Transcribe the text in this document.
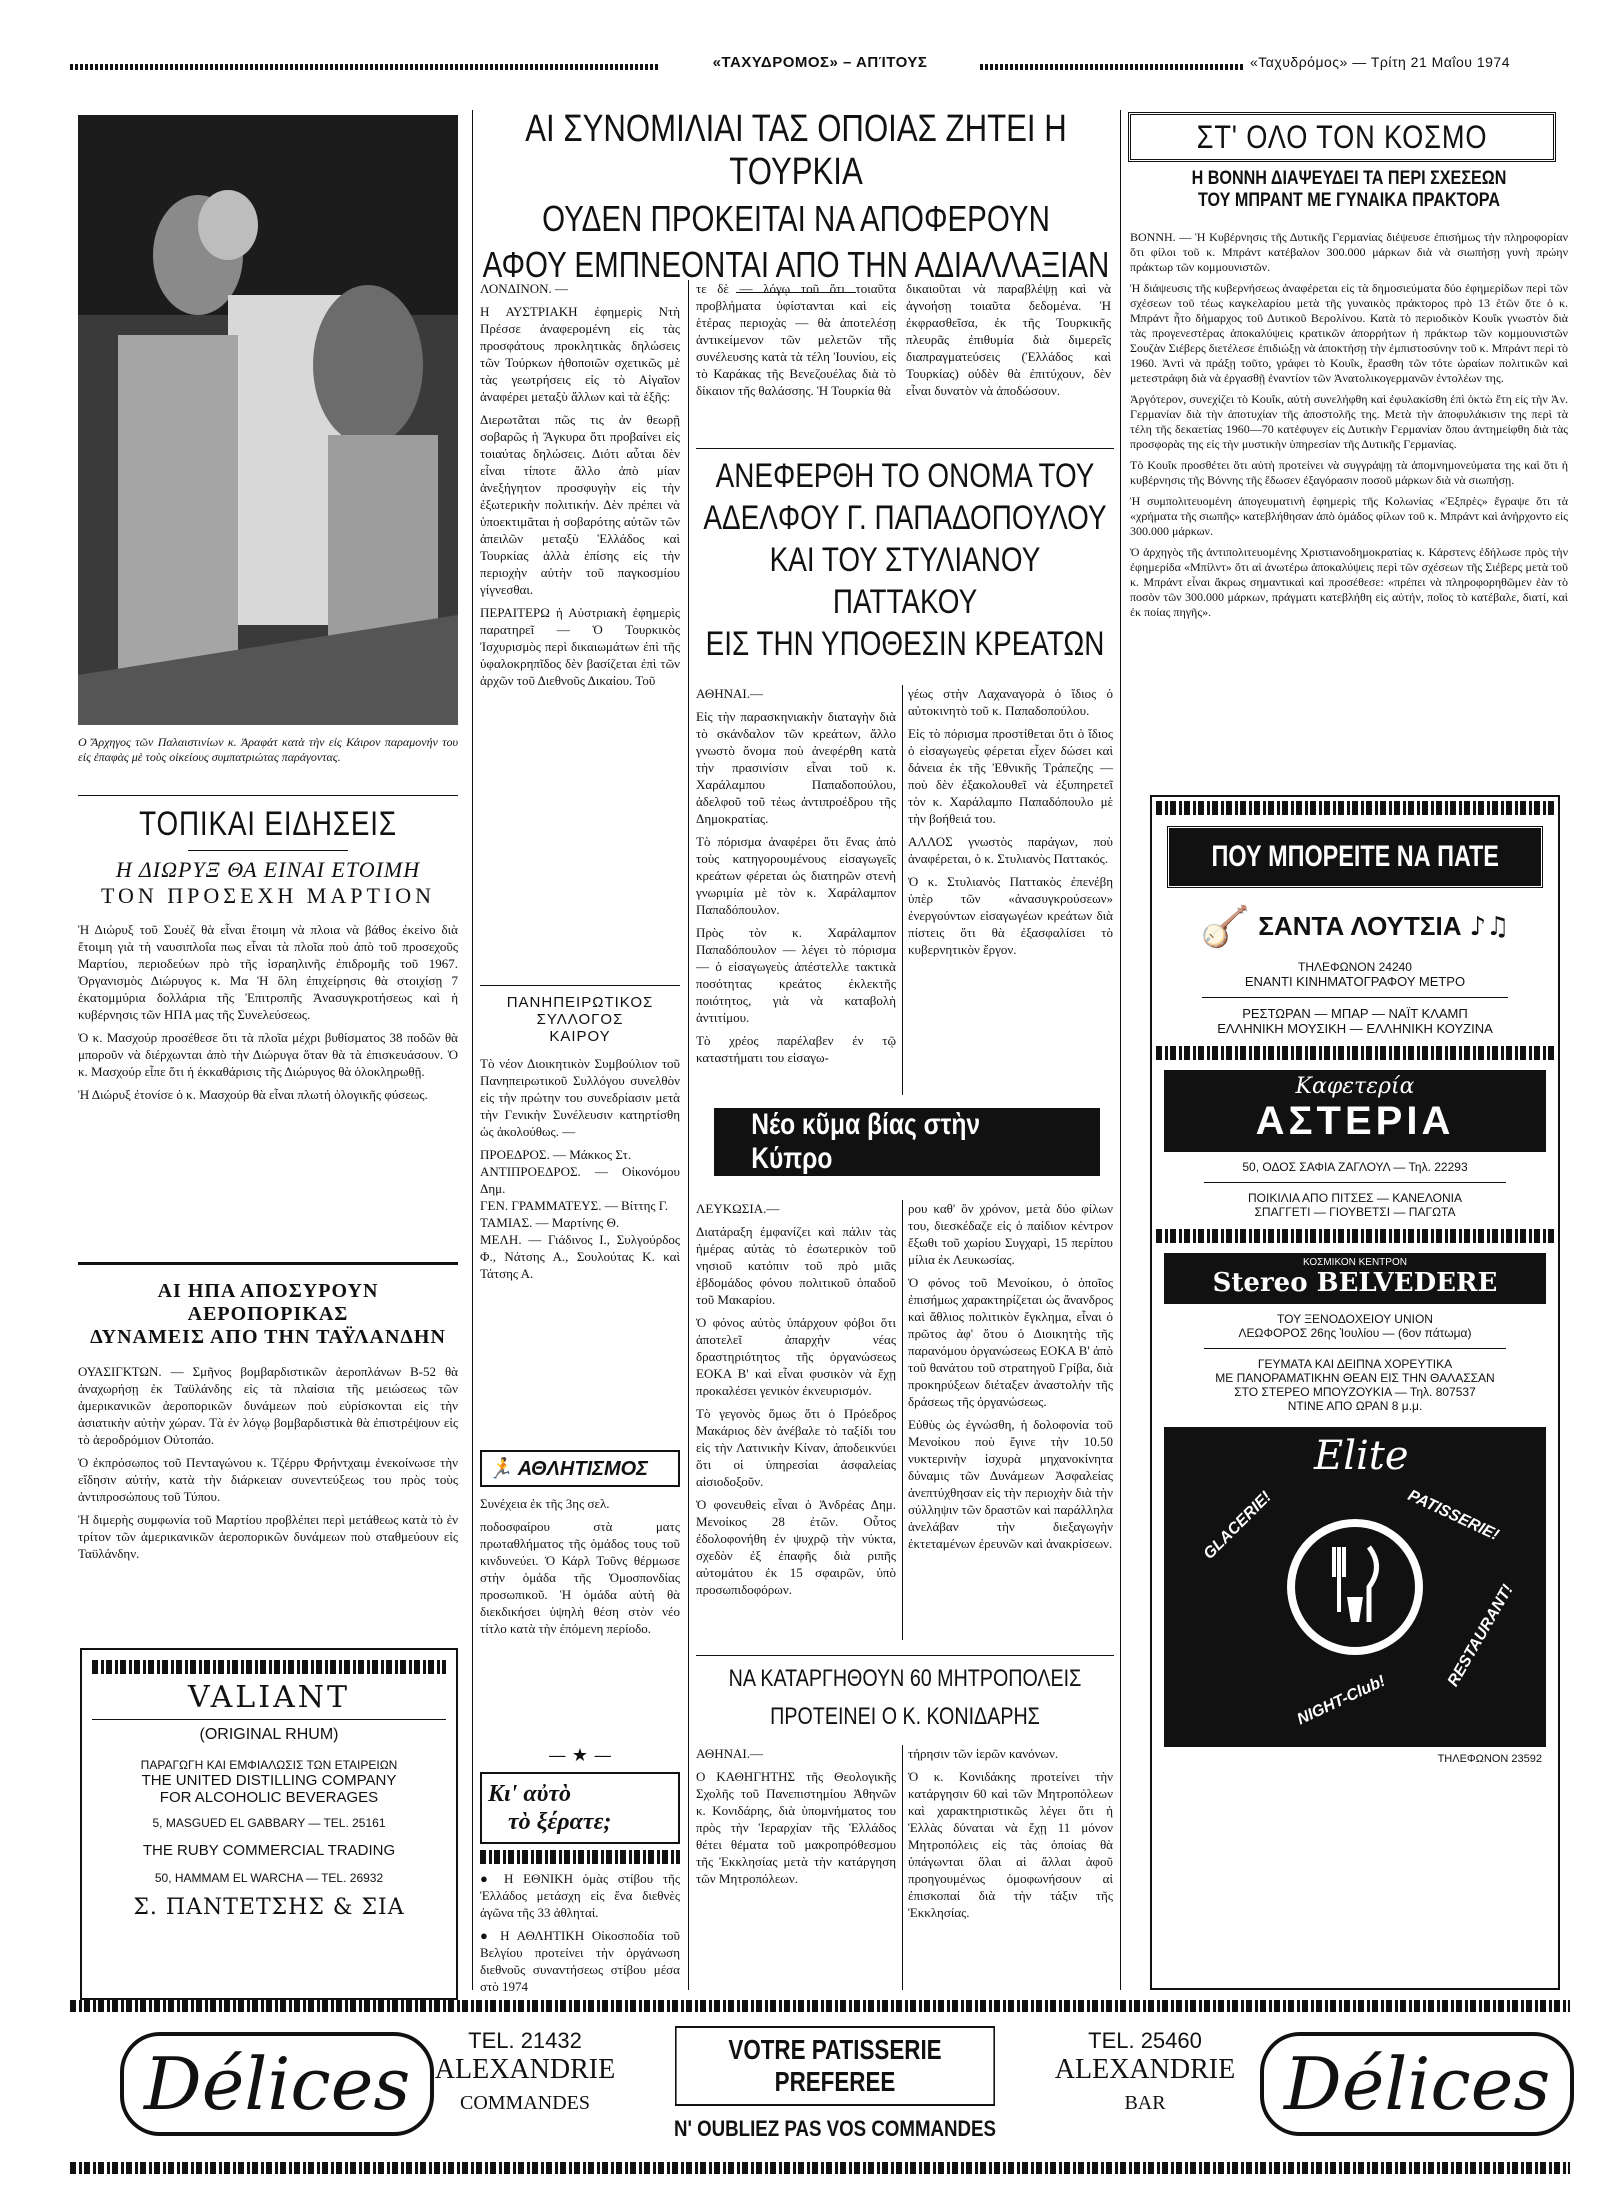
«ΤΑΧΥΔΡΟΜΟΣ» – ΑΠΊΤΟΥΣ	«Ταχυδρόμος» — Τρίτη 21 Μαΐου 1974
Ο Ἄρχηγος τῶν Παλαιστινίων κ. Ἀραφάτ κατὰ τὴν εἰς Κάιρον παραμονήν του εἰς ἐπαφὰς μὲ τοὺς οἰκείους συμπατριώτας παράγοντας.
ΤΟΠΙΚΑΙ ΕΙΔΗΣΕΙΣ
Η ΔΙΩΡΥΞ ΘΑ ΕΙΝΑΙ ΕΤΟΙΜΗ
ΤΟΝ ΠΡΟΣΕΧΗ ΜΑΡΤΙΟΝ

Ἡ Διώρυξ τοῦ Σουέζ θὰ εἶναι ἕτοιμη νὰ πλοια νὰ βάθος ἐκείνο διὰ ἕτοιμη γιὰ τὴ ναυσιπλοΐα πως εἶναι τὰ πλοῖα ποὺ ἀπὸ τοῦ προσεχοῦς Μαρτίου, περιοδεύων πρὸ τῆς ἰσραηλινῆς ἐπιδρομῆς τοῦ 1967. Ὀργανισμὸς Διώρυγος κ. Μα Ἡ ὅλη ἐπιχείρησις θὰ στοιχίσῃ 7 ἑκατομμύρια δολλάρια τῆς Ἐπιτροπῆς Ἀνασυγκροτήσεως καὶ ἡ κυβέρνησις τῶν ΗΠΑ μας τῆς Συνελεύσεως.

Ὁ κ. Μασχούρ προσέθεσε ὅτι τὰ πλοῖα μέχρι βυθίσματος 38 ποδῶν θὰ μποροῦν νὰ διέρχωνται ἀπὸ τὴν Διώρυγα ὅταν θὰ τὰ ἐπισκευάσουν. Ὁ κ. Μασχούρ εἶπε ὅτι ἡ ἐκκαθάρισις τῆς Διώρυγος θὰ ὁλοκληρωθῇ.

Ἡ Διώρυξ ἐτονίσε ὁ κ. Μασχούρ θὰ εἶναι πλωτή ὁλογικῆς φύσεως.

ΑΙ ΗΠΑ ΑΠΟΣΥΡΟΥΝ ΑΕΡΟΠΟΡΙΚΑΣ
ΔΥΝΑΜΕΙΣ ΑΠΟ ΤΗΝ ΤΑΫΛΑΝΔΗΝ

ΟΥΑΣΙΓΚΤΩΝ. — Σμῆνος βομβαρδιστικῶν ἀεροπλάνων Β-52 θὰ ἀναχωρήσῃ ἐκ Ταϋλάνδης εἰς τὰ πλαίσια τῆς μειώσεως τῶν ἀμερικανικῶν ἀεροπορικῶν δυνάμεων ποὺ εὑρίσκονται εἰς τὴν ἀσιατικὴν αὐτὴν χώραν. Τὰ ἐν λόγῳ βομβαρδιστικὰ θὰ ἐπιστρέψουν εἰς τὸ ἀεροδρόμιον Οὐτοπάο.

Ὁ ἐκπρόσωπος τοῦ Πενταγώνου κ. Τζέρρυ Φρήντχαιμ ἐνεκοίνωσε τὴν εἴδησιν αὐτήν, κατὰ τὴν διάρκειαν συνεντεύξεως του πρὸς τοὺς ἀντιπροσώπους τοῦ Τύπου.

Ἡ διμερὴς συμφωνία τοῦ Μαρτίου προβλέπει περὶ μετάθεως κατὰ τὸ ἐν τρίτον τῶν ἀμερικανικῶν ἀεροπορικῶν δυνάμεων ποὺ σταθμεύουν εἰς Ταϋλάνδην.

VALIANT
(ORIGINAL RHUM)
ΠΑΡΑΓΩΓΗ ΚΑΙ ΕΜΦΙΑΛΩΣΙΣ ΤΩΝ ΕΤΑΙΡΕΙΩΝ
THE UNITED DISTILLING COMPANY
FOR ALCOHOLIC BEVERAGES
5, MASGUED EL GABBARY — TEL. 25161
THE RUBY COMMERCIAL TRADING
50, HAMMAM EL WARCHA — TEL. 26932
Σ. ΠΑΝΤΕΤΣΗΣ & ΣΙΑ
ΑΙ ΣΥΝΟΜΙΛΙΑΙ ΤΑΣ ΟΠΟΙΑΣ ΖΗΤΕΙ Η ΤΟΥΡΚΙΑ
ΟΥΔΕΝ ΠΡΟΚΕΙΤΑΙ ΝΑ ΑΠΟΦΕΡΟΥΝ
ΑΦΟΥ ΕΜΠΝΕΟΝΤΑΙ ΑΠΟ ΤΗΝ ΑΔΙΑΛΛΑΞΙΑΝ
ΛΟΝΔΙΝΟΝ. —

Η ΑΥΣΤΡΙΑΚΗ ἐφημερὶς Ντὴ Πρέσσε ἀναφερομένη εἰς τὰς προσφάτους προκλητικὰς δηλώσεις τῶν Τούρκων ἡθοποιῶν σχετικῶς μὲ τὰς γεωτρήσεις εἰς τὸ Αἰγαῖον ἀναφέρει μεταξὺ ἄλλων καὶ τὰ ἑξῆς:

Διερωτᾶται πῶς τις ἀν θεωρῇ σοβαρῶς ἡ Ἄγκυρα ὅτι προβαίνει εἰς τοιαύτας δηλώσεις. Διότι αὗται δὲν εἶναι τίποτε ἄλλο ἀπὸ μίαν ἀνεξήγητον προσφυγὴν εἰς τὴν ἐξωτερικὴν πολιτικήν. Δὲν πρέπει νὰ ὑποεκτιμᾶται ἡ σοβαρότης αὐτῶν τῶν ἀπειλῶν μεταξὺ Ἑλλάδος καὶ Τουρκίας ἀλλὰ ἐπίσης εἰς τὴν περιοχὴν αὐτὴν τοῦ παγκοσμίου γίγνεσθαι.

ΠΕΡΑΙΤΕΡΩ ἡ Αὐστριακὴ ἐφημερὶς παρατηρεῖ — Ὁ Τουρκικὸς Ἰσχυρισμὸς περὶ δικαιωμάτων ἐπὶ τῆς ὑφαλοκρηπῖδος δὲν βασίζεται ἐπὶ τῶν ἀρχῶν τοῦ Διεθνοῦς Δικαίου. Τοῦ

τε δὲ — λόγῳ τοῦ ὅτι τοιαῦτα προβλήματα ὑφίστανται καὶ εἰς ἑτέρας περιοχὰς — θὰ ἀποτελέσῃ ἀντικείμενον τῶν μελετῶν τῆς συνέλευσης κατὰ τὰ τέλη Ἰουνίου, εἰς τὸ Καράκας τῆς Βενεζουέλας διὰ τὸ δίκαιον τῆς θαλάσσης. Ἡ Τουρκία θὰ

δικαιοῦται νὰ παραβλέψῃ καὶ νὰ ἀγνοήσῃ τοιαῦτα δεδομένα. Ἡ ἐκφρασθεῖσα, ἐκ τῆς Τουρκικῆς πλευρᾶς ἐπιθυμία διὰ διμερεῖς διαπραγματεύσεις (Ἑλλάδος καὶ Τουρκίας) οὐδὲν θὰ ἐπιτύχουν, δὲν εἶναι δυνατὸν νὰ ἀποδώσουν.

ΠΑΝΗΠΕΙΡΩΤΙΚΟΣ
ΣΥΛΛΟΓΟΣ
ΚΑΙΡΟΥ

Τὸ νέον Διοικητικὸν Συμβούλιον τοῦ Πανηπειρωτικοῦ Συλλόγου συνελθὸν εἰς τὴν πρώτην του συνεδρίασιν μετὰ τὴν Γενικὴν Συνέλευσιν κατηρτίσθη ὡς ἀκολούθως. —

ΠΡΟΕΔΡΟΣ. — Μάκκος Στ.

ΑΝΤΙΠΡΟΕΔΡΟΣ. — Οἰκονόμου Δημ.

ΓΕΝ. ΓΡΑΜΜΑΤΕΥΣ. — Βίττης Γ.

ΤΑΜΙΑΣ. — Μαρτίνης Θ.

ΜΕΛΗ. — Γιάδινος Ι., Συλγούρδος Φ., Νάτσης Α., Σουλούτας Κ. καὶ Τάτσης Α.

🏃 ΑΘΛΗΤΙΣΜΟΣ

Συνέχεια ἐκ τῆς 3ης σελ.

ποδοσφαίρου στὰ ματς πρωταθλήματος τῆς ὁμάδος τους τοῦ κινδυνεύει. Ὁ Κάρλ Τοῦνς θέρμωσε στὴν ὁμάδα τῆς Ὀμοσπονδίας προσωπικοῦ. Ἡ ὁμάδα αὐτὴ θὰ διεκδικήσει ὑψηλὴ θέση στὸν νέο τίτλο κατὰ τὴν ἐπόμενη περίοδο.

— ★ —
Κι' αὐτὸ
τὸ ξέρατε;

● Η ΕΘΝΙΚΗ ὁμὰς στίβου τῆς Ἑλλάδος μετάσχη εἰς ἕνα διεθνὲς ἀγῶνα τῆς 33 ἀθληταί.

● Η ΑΘΛΗΤΙΚΗ Οἰκοσποδία τοῦ Βελγίου προτείνει τὴν ὀργάνωση διεθνοῦς συναντήσεως στίβου μέσα στὸ 1974

ΑΝΕΦΕΡΘΗ ΤΟ ΟΝΟΜΑ ΤΟΥ
ΑΔΕΛΦΟΥ Γ. ΠΑΠΑΔΟΠΟΥΛΟΥ
ΚΑΙ ΤΟΥ ΣΤΥΛΙΑΝΟΥ ΠΑΤΤΑΚΟΥ
ΕΙΣ ΤΗΝ ΥΠΟΘΕΣΙΝ ΚΡΕΑΤΩΝ
ΑΘΗΝΑΙ.—

Εἰς τὴν παρασκηνιακὴν διαταγὴν διὰ τὸ σκάνδαλον τῶν κρεάτων, ἄλλο γνωστὸ ὄνομα ποὺ ἀνεφέρθη κατὰ τὴν πρασινίσιν εἶναι τοῦ κ. Χαράλαμπου Παπαδοπούλου, ἀδελφοῦ τοῦ τέως ἀντιπροέδρου τῆς Δημοκρατίας.

Τὸ πόρισμα ἀναφέρει ὅτι ἕνας ἀπὸ τοὺς κατηγορουμένους εἰσαγωγεῖς κρεάτων φέρεται ὡς διατηρῶν στενὴ γνωριμία μὲ τὸν κ. Χαράλαμπον Παπαδόπουλον.

Πρὸς τὸν κ. Χαράλαμπον Παπαδόπουλον — λέγει τὸ πόρισμα — ὁ εἰσαγωγεὺς ἀπέστελλε τακτικὰ ποσότητας κρεάτος ἐκλεκτῆς ποιότητος, γιὰ νὰ καταβολὴ ἀντιτίμου.

Τὸ χρέος παρέλαβεν ἐν τῷ καταστήματι του εἰσαγω-

γέως στὴν Λαχαναγορὰ ὁ ἴδιος ὁ αὐτοκινητὸ τοῦ κ. Παπαδοπούλου.

Εἰς τὸ πόρισμα προστίθεται ὅτι ὁ ἴδιος ὁ εἰσαγωγεὺς φέρεται εἶχεν δώσει καὶ δάνεια ἐκ τῆς Ἐθνικῆς Τράπεζης — ποὺ δὲν ἐξακολουθεῖ νὰ ἐξυπηρετεῖ τὸν κ. Χαράλαμπο Παπαδόπουλο μὲ τὴν βοήθειά του.

ΑΛΛΟΣ γνωστὸς παράγων, ποὺ ἀναφέρεται, ὁ κ. Στυλιανὸς Παττακός.

Ὁ κ. Στυλιανὸς Παττακὸς ἐπενέβη ὑπὲρ τῶν «ἀνασυγκρούσεων» ἐνεργούντων εἰσαγωγέων κρεάτων διὰ πίστεις ὅτι θὰ ἐξασφαλίσει τὸ κυβερνητικὸν ἔργον.

Νέο κῦμα βίας στὴν Κύπρο
ΛΕΥΚΩΣΙΑ.—

Διατάραξη ἐμφανίζει καὶ πάλιν τὰς ἡμέρας αὐτὰς τὸ ἐσωτερικὸν τοῦ νησιοῦ κατόπιν τοῦ πρὸ μιᾶς ἑβδομάδος φόνου πολιτικοῦ ὁπαδοῦ τοῦ Μακαρίου.

Ὁ φόνος αὐτὸς ὑπάρχουν φόβοι ὅτι ἀποτελεῖ ἀπαρχὴν νέας δραστηριότητος τῆς ὀργανώσεως ΕΟΚΑ Β' καὶ εἶναι φυσικὸν νὰ ἔχῃ προκαλέσει γενικὸν ἐκνευρισμόν.

Τὸ γεγονὸς ὅμως ὅτι ὁ Πρόεδρος Μακάριος δὲν ἀνέβαλε τὸ ταξίδι του εἰς τὴν Λατινικὴν Κίναν, ἀποδεικνύει ὅτι οἱ ὑπηρεσίαι ἀσφαλείας αἰσιοδοξοῦν.

Ὁ φονευθεὶς εἶναι ὁ Ἀνδρέας Δημ. Μενοίκος 28 ἐτῶν. Οὗτος ἐδολοφονήθη ἐν ψυχρῷ τὴν νύκτα, σχεδὸν ἐξ ἐπαφῆς διὰ ριπῆς αὐτομάτου ἐκ 15 σφαιρῶν, ὑπὸ προσωπιδοφόρων.

ρου καθ' ὃν χρόνον, μετὰ δύο φίλων του, διεσκέδαζε εἰς ὁ παίδιον κέντρον ἔξωθι τοῦ χωρίου Συγχαρὶ, 15 περίπου μίλια ἐκ Λευκωσίας.

Ὁ φόνος τοῦ Μενοίκου, ὁ ὁποῖος ἐπισήμως χαρακτηρίζεται ὡς ἄνανδρος καὶ ἄθλιος πολιτικὸν ἔγκλημα, εἶναι ὁ πρῶτος ἀφ' ὅτου ὁ Διοικητὴς τῆς παρανόμου ὀργανώσεως ΕΟΚΑ Β' ἀπὸ τοῦ θανάτου τοῦ στρατηγοῦ Γρίβα, διὰ προκηρύξεων διέταξεν ἀναστολὴν τῆς δράσεως τῆς ὀργανώσεως.

Εὐθὺς ὡς ἐγνώσθη, ἡ δολοφονία τοῦ Μενοίκου ποὺ ἔγινε τὴν 10.50 νυκτερινὴν ἰσχυρὰ μηχανοκίνητα δύναμις τῶν Δυνάμεων Ἀσφαλείας ἀνεπτύχθησαν εἰς τὴν περιοχὴν διὰ τὴν σύλληψιν τῶν δραστῶν καὶ παράλληλα ἀνελάβαν τὴν διεξαγωγὴν ἐκτεταμένων ἐρευνῶν καὶ ἀνακρίσεων.

ΝΑ ΚΑΤΑΡΓΗΘΟΥΝ 60 ΜΗΤΡΟΠΟΛΕΙΣ
ΠΡΟΤΕΙΝΕΙ Ο Κ. ΚΟΝΙΔΑΡΗΣ
ΑΘΗΝΑΙ.—

Ο ΚΑΘΗΓΗΤΗΣ τῆς Θεολογικῆς Σχολῆς τοῦ Πανεπιστημίου Ἀθηνῶν κ. Κονιδάρης, διὰ ὑπομνήματος του πρὸς τὴν Ἱεραρχίαν τῆς Ἑλλάδος θέτει θέματα τοῦ μακροπρόθεσμου τῆς Ἐκκλησίας μετὰ τὴν κατάργηση τῶν Μητροπόλεων.

τήρησιν τῶν ἱερῶν κανόνων.

Ὁ κ. Κονιδάκης προτείνει τὴν κατάργησιν 60 καὶ τῶν Μητροπόλεων καὶ χαρακτηριστικῶς λέγει ὅτι ἡ Ἑλλὰς δύναται νὰ ἔχῃ 11 μόνον Μητροπόλεις εἰς τὰς ὁποίας θὰ ὑπάγωνται ὅλαι αἱ ἄλλαι ἀφοῦ προηγουμένως ὁμοφωνήσουν αἱ ἐπισκοπαί διὰ τὴν τάξιν τῆς Ἐκκλησίας.

ΣΤ' ΟΛΟ ΤΟΝ ΚΟΣΜΟ
Η ΒΟΝΝΗ ΔΙΑΨΕΥΔΕΙ ΤΑ ΠΕΡΙ ΣΧΕΣΕΩΝ
ΤΟΥ ΜΠΡΑΝΤ ΜΕ ΓΥΝΑΙΚΑ ΠΡΑΚΤΟΡΑ

ΒΟΝΝΗ. — Ἡ Κυβέρνησις τῆς Δυτικῆς Γερμανίας διέψευσε ἐπισήμως τὴν πληροφορίαν ὅτι φίλοι τοῦ κ. Μπράντ κατέβαλον 300.000 μάρκων διὰ νὰ σιωπήσῃ γυνὴ πρώην πράκτωρ τῶν κομμουνιστῶν.

Ἡ διάψευσις τῆς κυβερνήσεως ἀναφέρεται εἰς τὰ δημοσιεύματα δύο ἐφημερίδων περὶ τῶν σχέσεων τοῦ τέως καγκελαρίου μετὰ τῆς γυναικὸς πράκτορος πρὸ 13 ἐτῶν ὅτε ὁ κ. Μπράντ ἦτο δήμαρχος τοῦ Δυτικοῦ Βερολίνου. Κατὰ τὸ περιοδικὸν Κουΐκ γνωστὸν διὰ τὰς προγενεστέρας ἀποκαλύψεις κρατικῶν ἀπορρήτων ἡ πράκτωρ τῶν κομμουνιστῶν Σουζὰν Σιέβερς διετέλεσε ἐπιδιώξῃ νὰ ἀποκτήσῃ τὴν ἐμπιστοσύνην τοῦ κ. Μπράντ περὶ τὸ 1960. Ἀντὶ νὰ πράξῃ τοῦτο, γράφει τὸ Κουΐκ, ἔρασθη τῶν τότε ὡραίων πολιτικῶν καὶ μετεστράφη διὰ νὰ ἐργασθῇ ἐναντίον τῶν Ἀνατολικογερμανῶν ἐντολέων της.

Ἀργότερον, συνεχίζει τὸ Κουΐκ, αὐτὴ συνελήφθη καὶ ἐφυλακίσθη ἐπὶ ὀκτὼ ἔτη εἰς τὴν Ἀν. Γερμανίαν διὰ τὴν ἀποτυχίαν τῆς ἀποστολῆς της. Μετὰ τὴν ἀποφυλάκισιν της περὶ τὰ τέλη τῆς δεκαετίας 1960—70 κατέφυγεν εἰς Δυτικὴν Γερμανίαν ὅπου ἀντημείφθη διὰ τὰς προσφορὰς της εἰς τὴν μυστικὴν ὑπηρεσίαν τῆς Δυτικῆς Γερμανίας.

Τὸ Κουΐκ προσθέτει ὅτι αὐτὴ προτείνει νὰ συγγράψῃ τὰ ἀπομνημονεύματα της καὶ ὅτι ἡ κυβέρνησις τῆς Βόννης τῆς ἔδωσεν ἐξαγόρασιν ποσοῦ μάρκων διὰ νὰ σιωπήσῃ.

Ἡ συμπολιτευομένη ἀπογευματινὴ ἐφημερὶς τῆς Κολωνίας «Ἐξπρὲς» ἔγραψε ὅτι τὰ «χρήματα τῆς σιωπῆς» κατεβλήθησαν ἀπὸ ὁμάδος φίλων τοῦ κ. Μπράντ καὶ ἀνήρχοντο εἰς 300.000 μάρκων.

Ὁ ἀρχηγὸς τῆς ἀντιπολιτευομένης Χριστιανοδημοκρατίας κ. Κάρστενς ἐδήλωσε πρὸς τὴν ἐφημερίδα «Μπίλντ» ὅτι αἱ ἀνωτέρω ἀποκαλύψεις περὶ τῶν σχέσεων τῆς Σιέβερς μετὰ τοῦ κ. Μπράντ εἶναι ἄκρως σημαντικαὶ καὶ προσέθεσε: «πρέπει νὰ πληροφορηθῶμεν ἐὰν τὸ ποσὸν τῶν 300.000 μάρκων, πράγματι κατεβλήθη εἰς αὐτήν, ποῖος τὸ κατέβαλε, διατί, καὶ ἐκ ποίας πηγῆς».

ΠΟΥ ΜΠΟΡΕΙΤΕ ΝΑ ΠΑΤΕ
🪕 ΣΑΝΤΑ ΛΟΥΤΣΙΑ ♪♫
ΤΗΛΕΦΩΝΟΝ 24240
ΕΝΑΝΤΙ ΚΙΝΗΜΑΤΟΓΡΑΦΟΥ ΜΕΤΡΟ
ΡΕΣΤΩΡΑΝ — ΜΠΑΡ — ΝΑΪΤ ΚΛΑΜΠ
ΕΛΛΗΝΙΚΗ ΜΟΥΣΙΚΗ — ΕΛΛΗΝΙΚΗ ΚΟΥΖΙΝΑ
Καφετερία
ΑΣΤΕΡΙΑ
50, ΟΔΟΣ ΣΑΦΙΑ ΖΑΓΛΟΥΛ — Τηλ. 22293
ΠΟΙΚΙΛΙΑ ΑΠΟ ΠΙΤΣΕΣ — ΚΑΝΕΛΟΝΙΑ
ΣΠΑΓΓΕΤΙ — ΓΙΟΥΒΕΤΣΙ — ΠΑΓΩΤΑ
ΚΟΣΜΙΚΟΝ ΚΕΝΤΡΟΝ
Stereo BELVEDERE
ΤΟΥ ΞΕΝΟΔΟΧΕΙΟΥ UNION
ΛΕΩΦΟΡΟΣ 26ης Ἰουλίου — (6ον πάτωμα)
ΓΕΥΜΑΤΑ ΚΑΙ ΔΕΙΠΝΑ ΧΟΡΕΥΤΙΚΑ
ΜΕ ΠΑΝΟΡΑΜΑΤΙΚΗΝ ΘΕΑΝ ΕΙΣ ΤΗΝ ΘΑΛΑΣΣΑΝ
ΣΤΟ ΣΤΕΡΕΟ ΜΠΟΥΖΟΥΚΙΑ — Τηλ. 807537
ΝΤΙΝΕ ΑΠΟ ΩΡΑΝ 8 μ.μ.
Elite
PATISSERIE!
GLACERIE!
RESTAURANT!
NIGHT-Club!
ΤΗΛΕΦΩΝΟΝ 23592
Délices
TEL. 21432
ALEXANDRIE
COMMANDES
VOTRE PATISSERIE PREFEREE
N' OUBLIEZ PAS VOS COMMANDES
TEL. 25460
ALEXANDRIE
BAR	Délices
